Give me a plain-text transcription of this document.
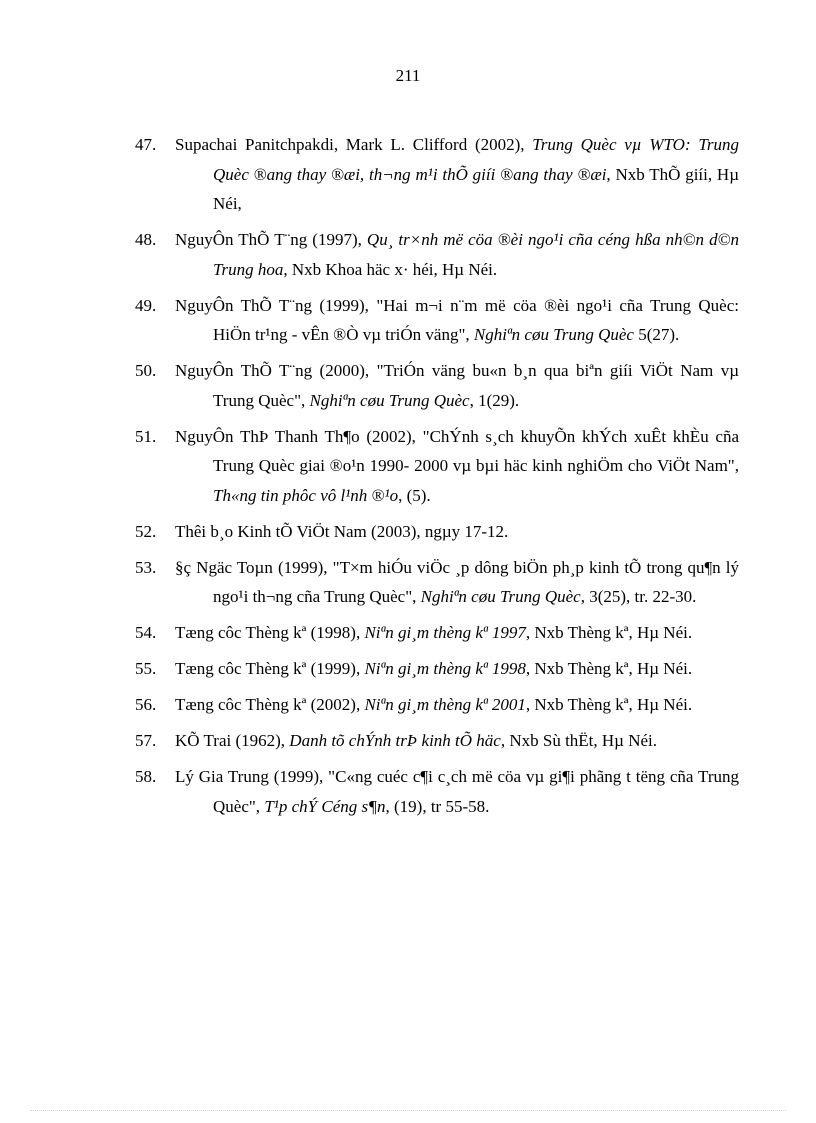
211
47. Supachai Panitchpakdi, Mark L. Clifford (2002), Trung Quèc vµ WTO: Trung Quèc ®ang thay ®æi, th¬ng m¹i thÕ giíi ®ang thay ®æi, Nxb ThÕ giíi, Hµ Néi,
48. NguyÔn ThÕ T¨ng (1997), Qu¸ tr×nh më cöa ®èi ngo¹i cña céng hßa nh©n d©n Trung hoa, Nxb Khoa häc x· héi, Hµ Néi.
49. NguyÔn ThÕ T¨ng (1999), "Hai m¬i n¨m më cöa ®èi ngo¹i cña Trung Quèc: HiÖn tr¹ng - vÊn ®Ò vµ triÓn väng", Nghiªn cøu Trung Quèc 5(27).
50. NguyÔn ThÕ T¨ng (2000), "TriÓn väng bu«n b¸n qua biªn giíi ViÖt Nam vµ Trung Quèc", Nghiªn cøu Trung Quèc, 1(29).
51. NguyÔn ThÞ Thanh Th¶o (2002), "ChÝnh s¸ch khuyÕn khÝch xuÊt khÈu cña Trung Quèc giai ®o¹n 1990- 2000 vµ bµi häc kinh nghiÖm cho ViÖt Nam", Th«ng tin phôc vô l¹nh ®¹o, (5).
52. Thêi b¸o Kinh tÕ ViÖt Nam (2003), ngµy 17-12.
53. §ç Ngäc Toµn (1999), "T×m hiÓu viÖc ¸p dông biÖn ph¸p kinh tÕ trong qu¶n lý ngo¹i th¬ng cña Trung Quèc", Nghiªn cøu Trung Quèc, 3(25), tr. 22-30.
54. Tæng côc Thèng kª (1998), Niªn gi¸m thèng kª 1997, Nxb Thèng kª, Hµ Néi.
55. Tæng côc Thèng kª (1999), Niªn gi¸m thèng kª 1998, Nxb Thèng kª, Hµ Néi.
56. Tæng côc Thèng kª (2002), Niªn gi¸m thèng kª 2001, Nxb Thèng kª, Hµ Néi.
57. KÕ Trai (1962), Danh tõ chÝnh trÞ kinh tÕ häc, Nxb Sù thËt, Hµ Néi.
58. Lý Gia Trung (1999), "C«ng cuéc c¶i c¸ch më cöa vµ gi¶i phãng t tëng cña Trung Quèc", T¹p chÝ Céng s¶n, (19), tr 55-58.
